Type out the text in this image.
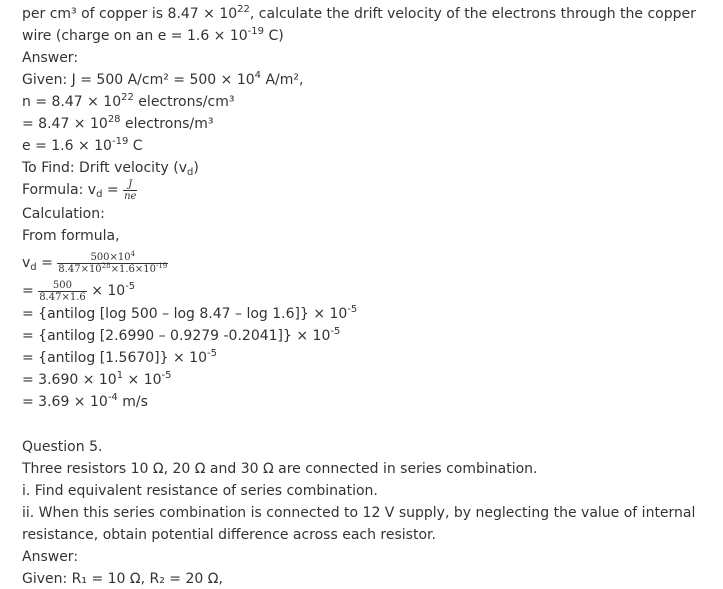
per cm³ of copper is $8.47 \times 10^{22}$, calculate the drift velocity of the electrons through the copper
wire (charge on an $e = 1.6 \times 10^{-19}$ C)
Answer:
Given: J = 500 $A/cm^2 = 500 \times 10^4$ A/m²,
$n = 8.47 \times 10^{22}$ electrons/cm³
= $8.47 \times 10^{28}$ electrons/m³
$e = 1.6 \times 10^{-19}$ C
To Find: Drift velocity $(v_d)$
Formula: $v_d = \frac{J}{ne}$
Calculation:
From formula,
$v_d = \frac{500\times 10^4}{8.47\times 10^{28}\times 1.6\times 10^{-19}}$
= $\frac{500}{8.47\times 1.6} \times 10^{-5}$
= {antilog [log $500 - \log 8.47 - \log 1.6]\} \times 10^{-5}$
= {antilog [2.6990 – 0.9279 $-0.2041]\} \times 10^{-5}$
= {antilog $[1.5670]\} \times 10^{-5}$
= $3.690 \times 10^1 \times 10^{-5}$
= $3.69 \times 10^{-4}$ m/s
Question 5.
Three resistors 10 Ω, 20 Ω and 30 Ω are connected in series combination.
i. Find equivalent resistance of series combination.
ii. When this series combination is connected to 12 V supply, by neglecting the value of internal resistance, obtain potential difference across each resistor.
Answer:
Given: R₁ = 10 Ω, R₂ = 20 Ω,
